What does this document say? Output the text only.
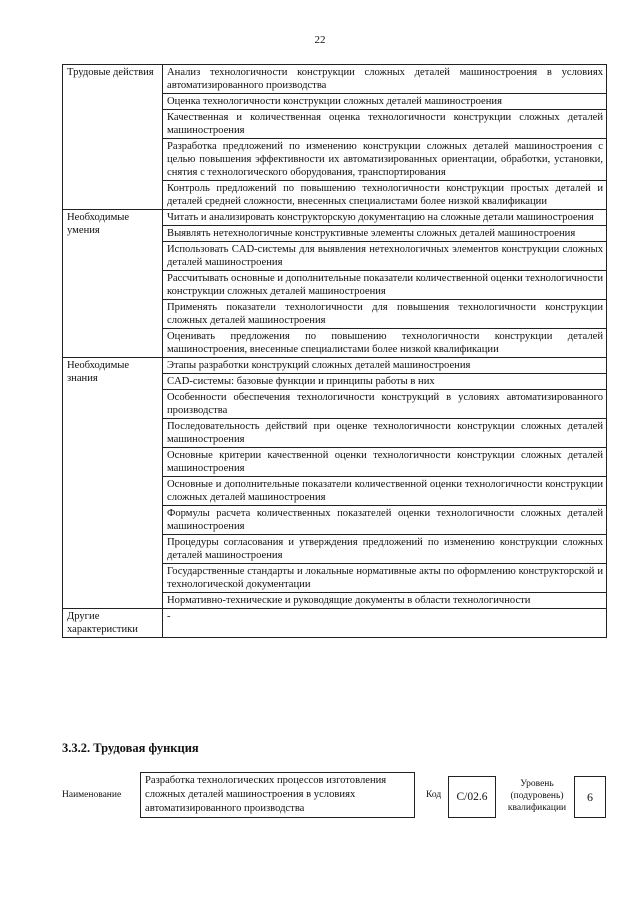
22
Трудовые действия	Анализ технологичности конструкции сложных деталей машиностроения в условиях автоматизированного производства
	Оценка технологичности конструкции сложных деталей машиностроения
	Качественная и количественная оценка технологичности конструкции сложных деталей машиностроения
	Разработка предложений по изменению конструкции сложных деталей машиностроения с целью повышения эффективности их автоматизированных ориентации, обработки, установки, снятия с технологического оборудования, транспортирования
	Контроль предложений по повышению технологичности конструкции простых деталей и деталей средней сложности, внесенных специалистами более низкой квалификации
Необходимые умения	Читать и анализировать конструкторскую документацию на сложные детали машиностроения
	Выявлять нетехнологичные конструктивные элементы сложных деталей машиностроения
	Использовать CAD-системы для выявления нетехнологичных элементов конструкции сложных деталей машиностроения
	Рассчитывать основные и дополнительные показатели количественной оценки технологичности конструкции сложных деталей машиностроения
	Применять показатели технологичности для повышения технологичности конструкции сложных деталей машиностроения
	Оценивать предложения по повышению технологичности конструкции деталей машиностроения, внесенные специалистами более низкой квалификации
Необходимые знания	Этапы разработки конструкций сложных деталей машиностроения
	CAD-системы: базовые функции и принципы работы в них
	Особенности обеспечения технологичности конструкций в условиях автоматизированного производства
	Последовательность действий при оценке технологичности конструкции сложных деталей машиностроения
	Основные критерии качественной оценки технологичности конструкции сложных деталей машиностроения
	Основные и дополнительные показатели количественной оценки технологичности конструкции сложных деталей машиностроения
	Формулы расчета количественных показателей оценки технологичности сложных деталей машиностроения
	Процедуры согласования и утверждения предложений по изменению конструкции сложных деталей машиностроения
	Государственные стандарты и локальные нормативные акты по оформлению конструкторской и технологической документации
	Нормативно-технические и руководящие документы в области технологичности
Другие характеристики	-
3.3.2. Трудовая функция
Наименование
Разработка технологических процессов изготовления сложных деталей машиностроения в условиях автоматизированного производства
Код	C/02.6
Уровень (подуровень) квалификации
6
